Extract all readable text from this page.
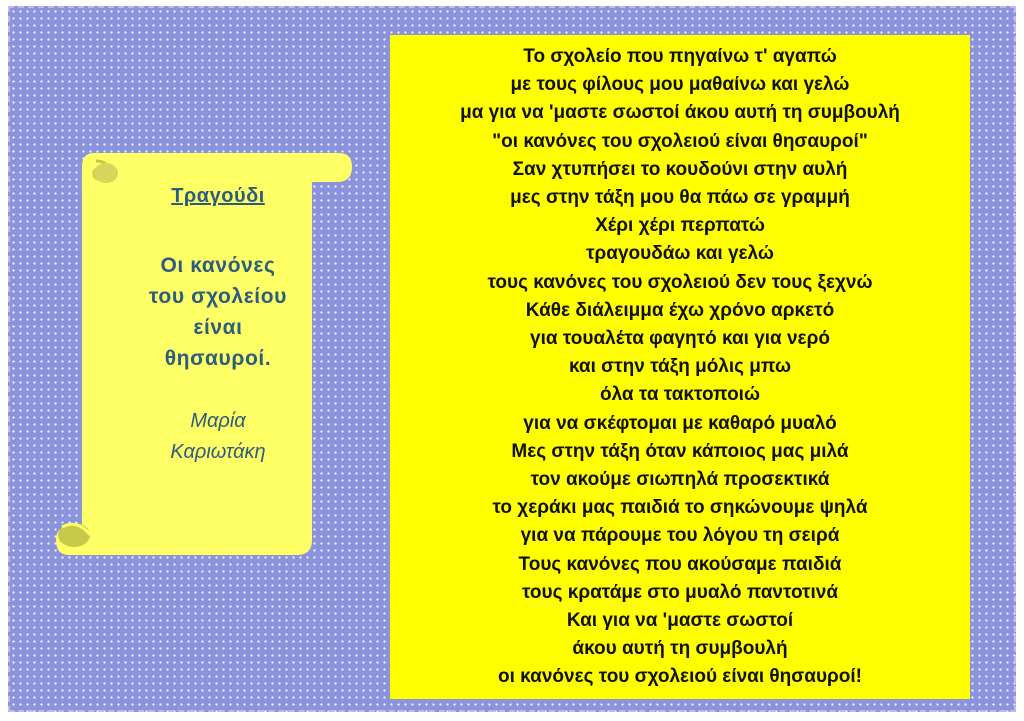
Τραγούδι
Οι κανόνες
του σχολείου
είναι
θησαυροί.
Μαρία
Καριωτάκη
Το σχολείο που πηγαίνω τ' αγαπώ
με τους φίλους μου μαθαίνω και γελώ
μα για να 'μαστε σωστοί άκου αυτή τη συμβουλή
"οι κανόνες του σχολειού είναι θησαυροί"
Σαν χτυπήσει το κουδούνι στην αυλή
μες στην τάξη μου θα πάω σε γραμμή
Χέρι χέρι περπατώ
τραγουδάω και γελώ
τους κανόνες του σχολειού δεν τους ξεχνώ
Κάθε διάλειμμα έχω χρόνο αρκετό
για τουαλέτα φαγητό και για νερό
και στην τάξη μόλις μπω
όλα τα τακτοποιώ
για να σκέφτομαι με καθαρό μυαλό
Μες στην τάξη όταν κάποιος μας μιλά
τον ακούμε σιωπηλά προσεκτικά
το χεράκι μας παιδιά το σηκώνουμε ψηλά
για να πάρουμε του λόγου τη σειρά
Τους κανόνες που ακούσαμε παιδιά
τους κρατάμε στο μυαλό παντοτινά
Και για να 'μαστε σωστοί
άκου αυτή τη συμβουλή
οι κανόνες του σχολειού είναι θησαυροί!
